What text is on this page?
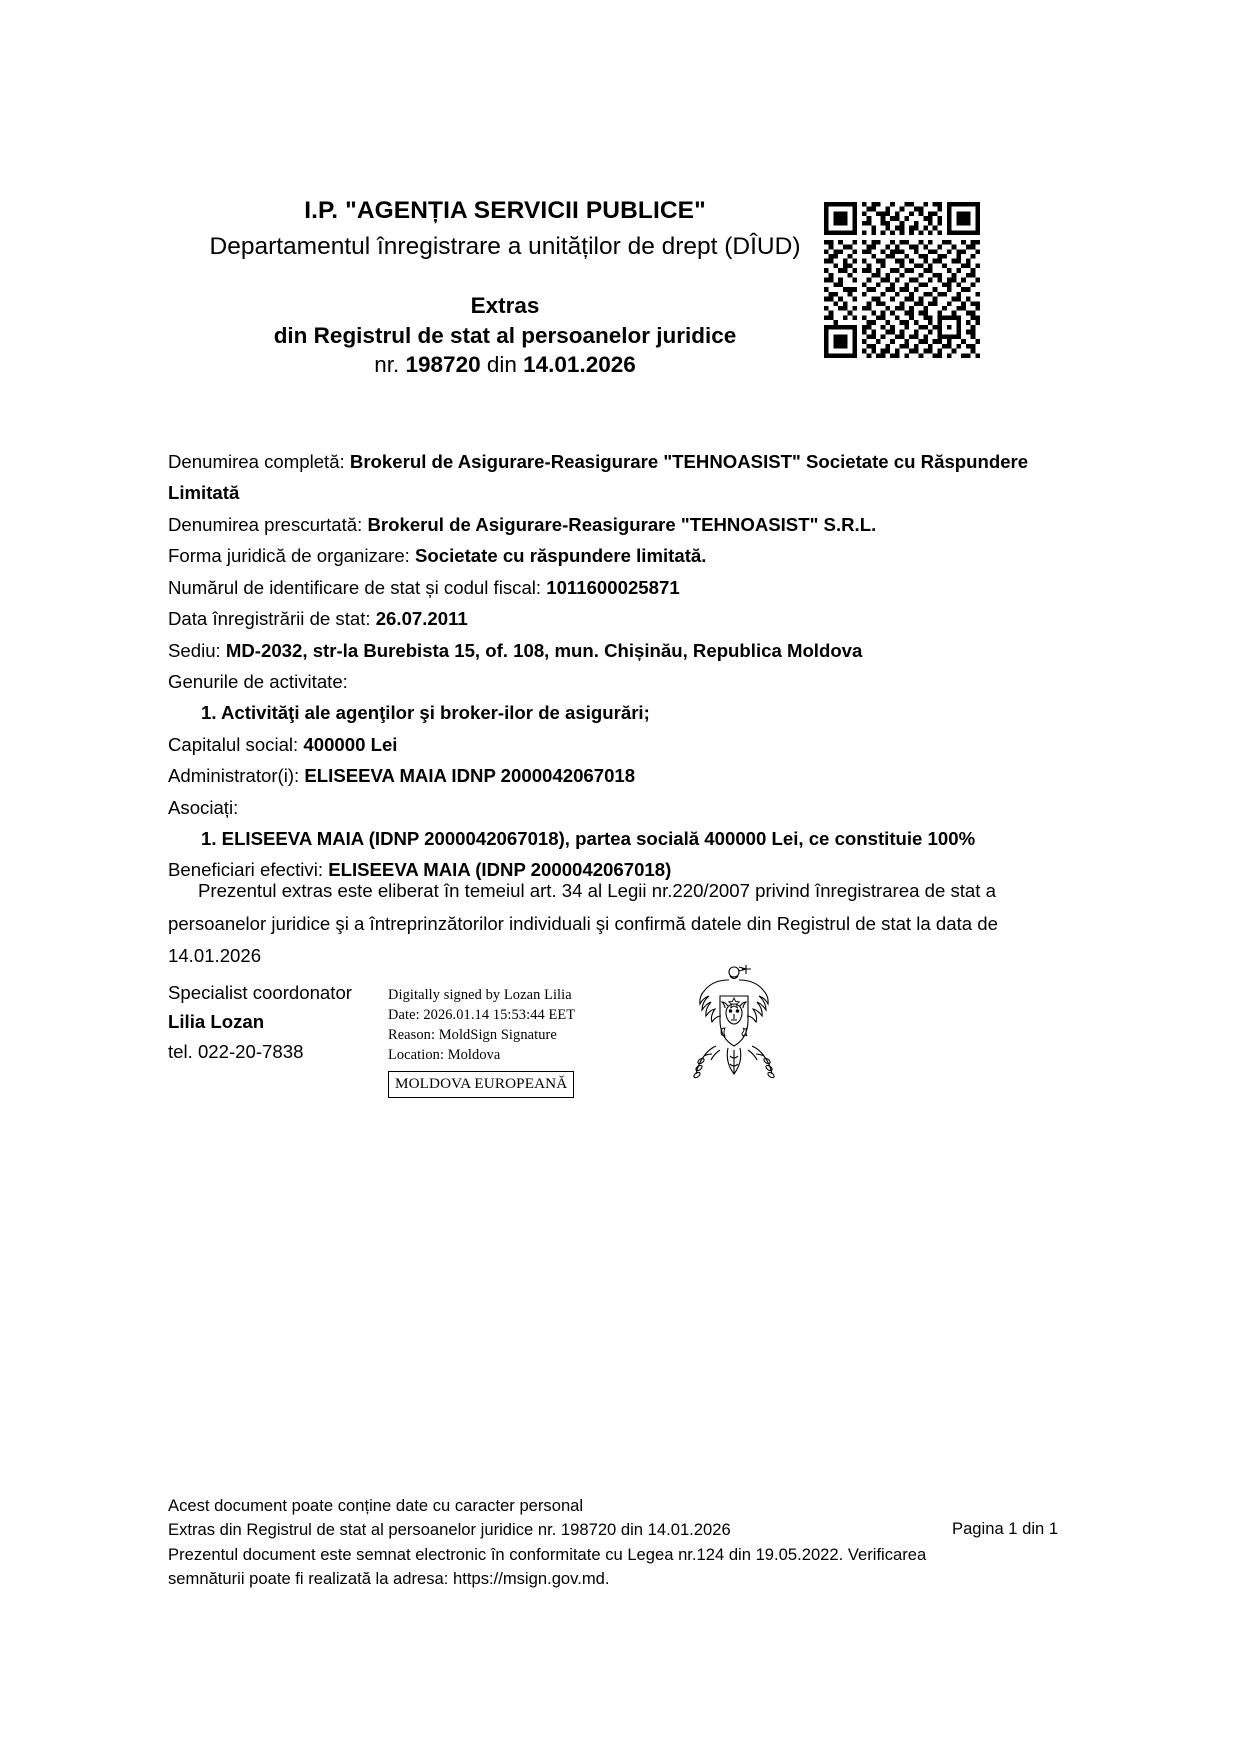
I.P. "AGENȚIA SERVICII PUBLICE"
Departamentul înregistrare a unităților de drept (DÎUD)
Extras
din Registrul de stat al persoanelor juridice
nr. 198720 din 14.01.2026
Denumirea completă: Brokerul de Asigurare-Reasigurare "TEHNOASIST" Societate cu Răspundere Limitată
Denumirea prescurtată: Brokerul de Asigurare-Reasigurare "TEHNOASIST" S.R.L.
Forma juridică de organizare: Societate cu răspundere limitată.
Numărul de identificare de stat și codul fiscal: 1011600025871
Data înregistrării de stat: 26.07.2011
Sediu: MD-2032, str-la Burebista 15, of. 108, mun. Chișinău, Republica Moldova
Genurile de activitate:
1. Activităţi ale agenţilor şi broker-ilor de asigurări;
Capitalul social: 400000 Lei
Administrator(i): ELISEEVA MAIA IDNP 2000042067018
Asociați:
1. ELISEEVA MAIA (IDNP 2000042067018), partea socială 400000 Lei, ce constituie 100%
Beneficiari efectivi: ELISEEVA MAIA (IDNP 2000042067018)
Prezentul extras este eliberat în temeiul art. 34 al Legii nr.220/2007 privind înregistrarea de stat a persoanelor juridice şi a întreprinzătorilor individuali şi confirmă datele din Registrul de stat la data de 14.01.2026
Specialist coordonator
Lilia Lozan
tel. 022-20-7838
Digitally signed by Lozan Lilia
Date: 2026.01.14 15:53:44 EET
Reason: MoldSign Signature
Location: Moldova
MOLDOVA EUROPEANĂ
Acest document poate conține date cu caracter personal
Extras din Registrul de stat al persoanelor juridice nr. 198720 din 14.01.2026
Prezentul document este semnat electronic în conformitate cu Legea nr.124 din 19.05.2022. Verificarea
semnăturii poate fi realizată la adresa: https://msign.gov.md.
Pagina 1 din 1
